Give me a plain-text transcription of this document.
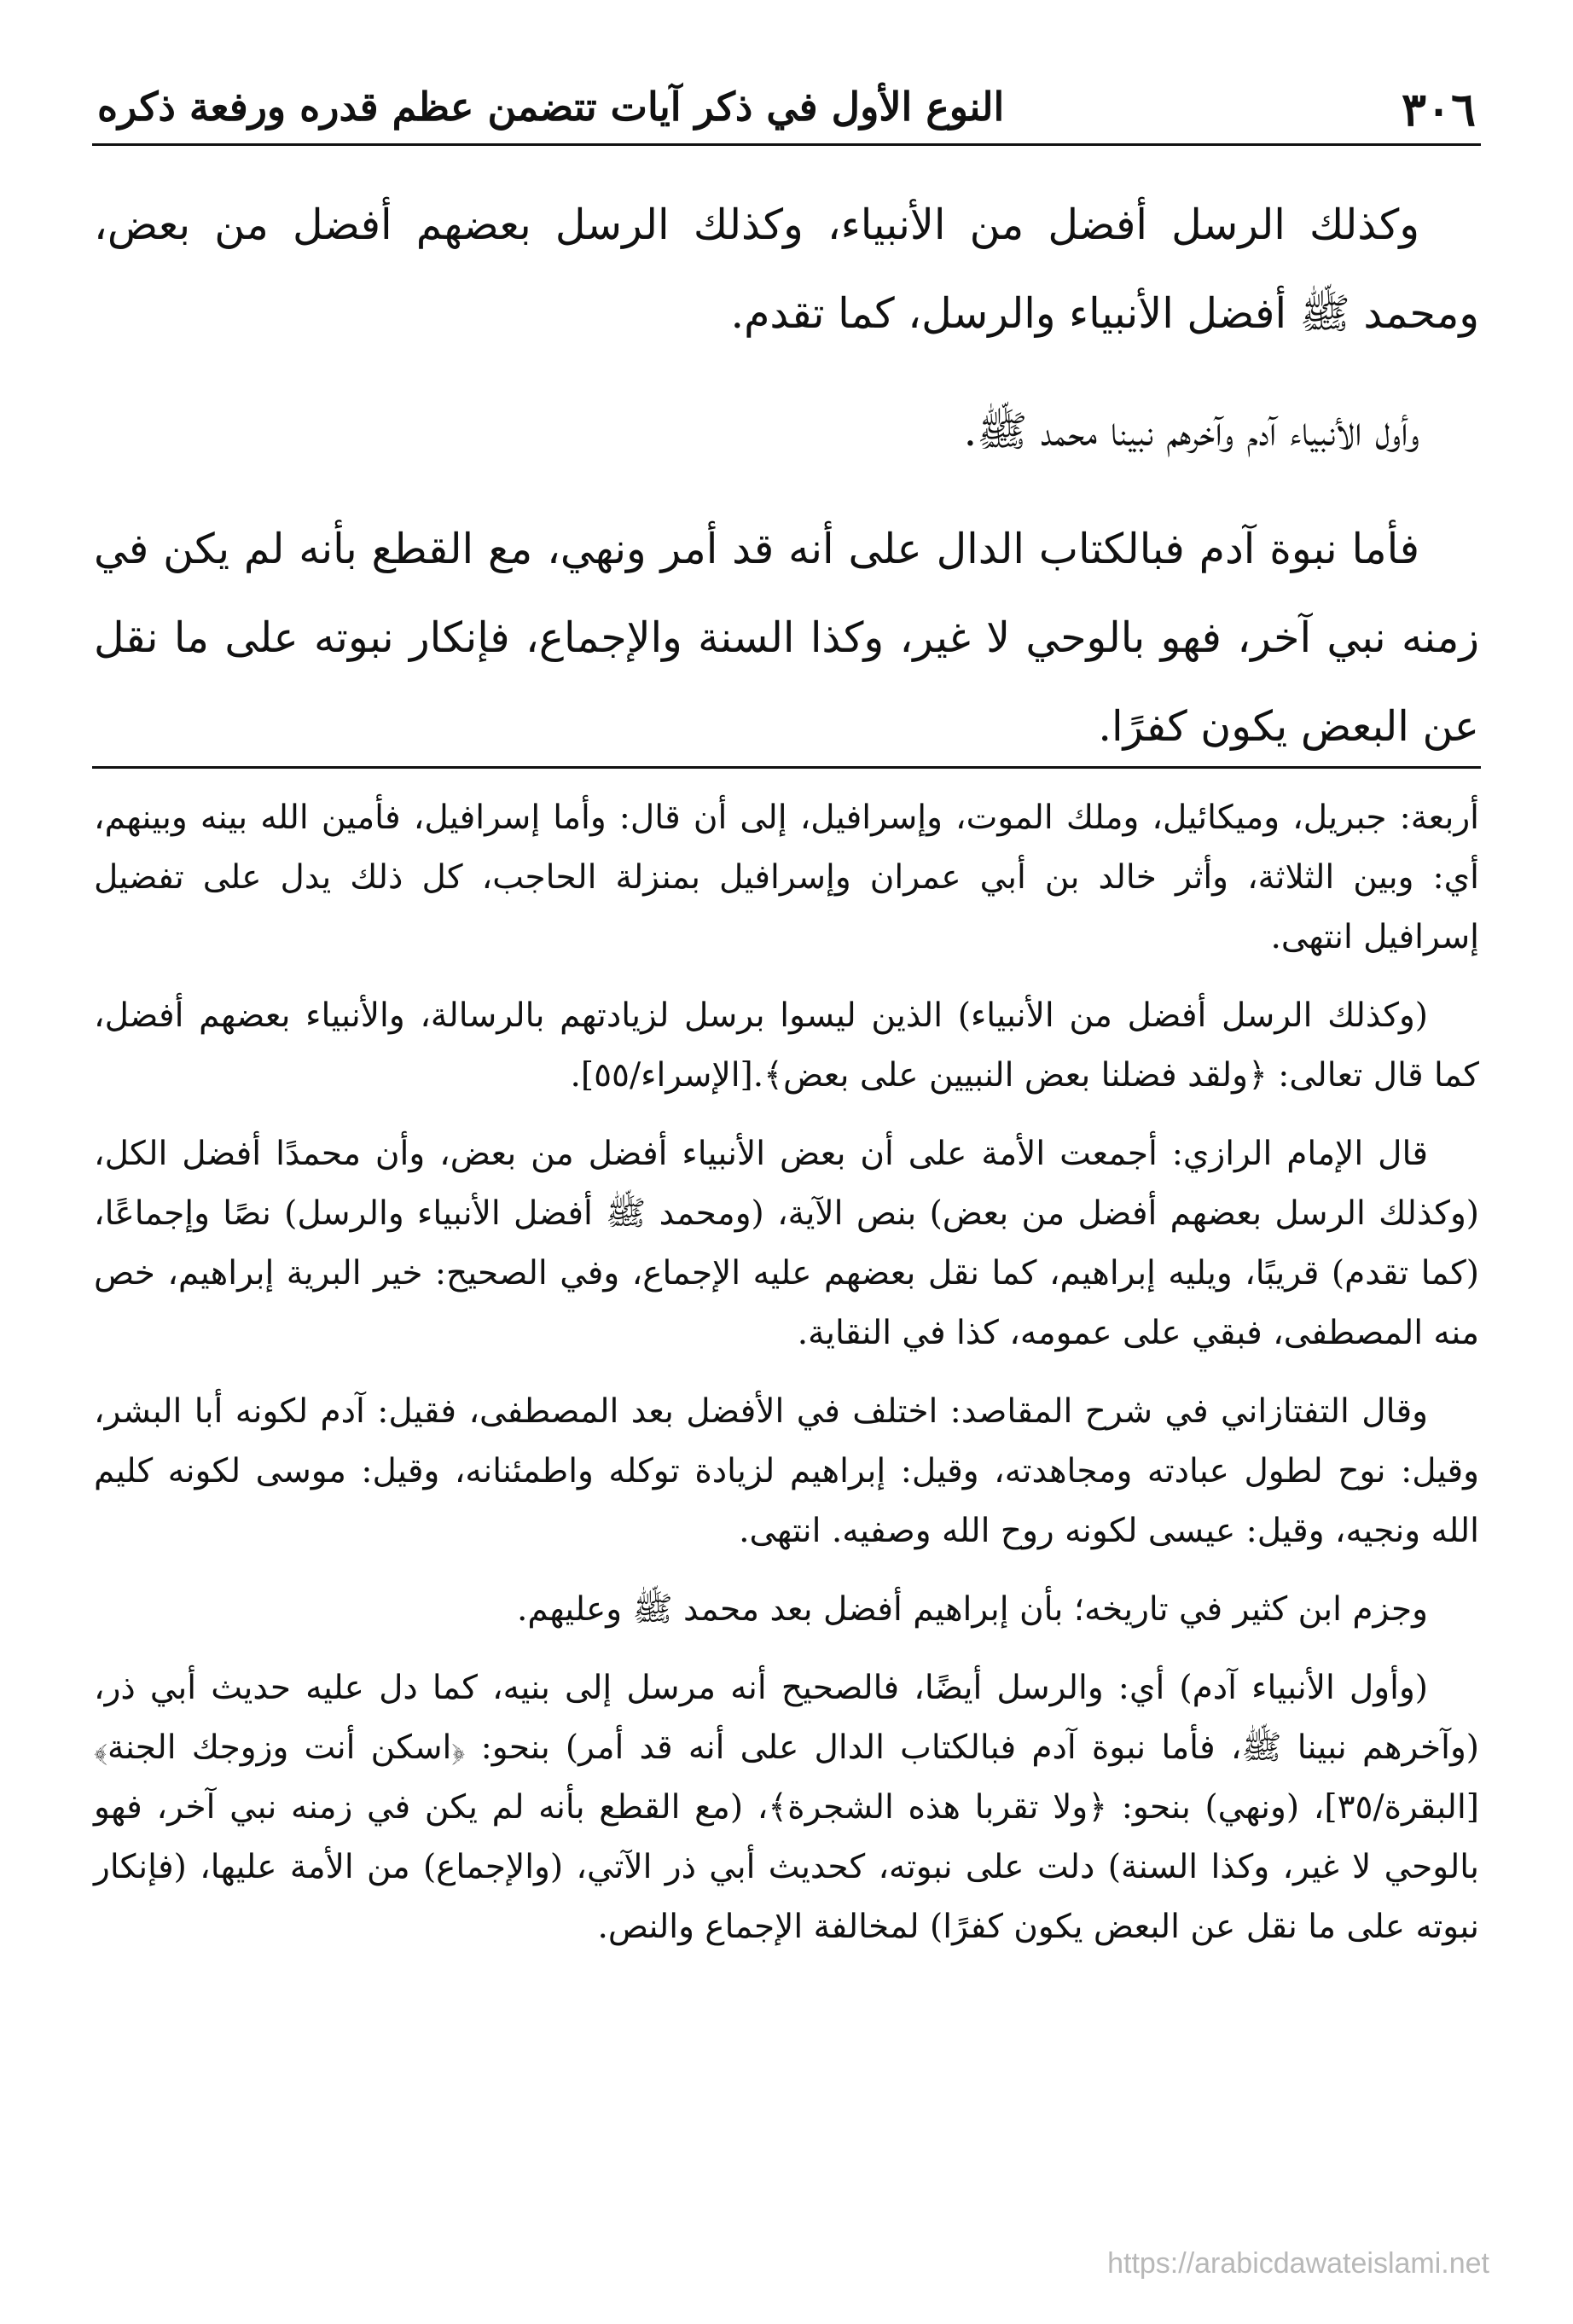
٣٠٦
النوع الأول في ذكر آيات تتضمن عظم قدره ورفعة ذكره

وكذلك الرسل أفضل من الأنبياء، وكذلك الرسل بعضهم أفضل من بعض، ومحمد ﷺ أفضل الأنبياء والرسل، كما تقدم.

وأول الأنبياء آدم وآخرهم نبينا محمد ﷺ.

فأما نبوة آدم فبالكتاب الدال على أنه قد أمر ونهي، مع القطع بأنه لم يكن في زمنه نبي آخر، فهو بالوحي لا غير، وكذا السنة والإجماع، فإنكار نبوته على ما نقل عن البعض يكون كفرًا.

أربعة: جبريل، وميكائيل، وملك الموت، وإسرافيل، إلى أن قال: وأما إسرافيل، فأمين الله بينه وبينهم، أي: وبين الثلاثة، وأثر خالد بن أبي عمران وإسرافيل بمنزلة الحاجب، كل ذلك يدل على تفضيل إسرافيل انتهى.

(وكذلك الرسل أفضل من الأنبياء) الذين ليسوا برسل لزيادتهم بالرسالة، والأنبياء بعضهم أفضل، كما قال تعالى: ﴿ولقد فضلنا بعض النبيين على بعض﴾.[الإسراء/٥٥].

قال الإمام الرازي: أجمعت الأمة على أن بعض الأنبياء أفضل من بعض، وأن محمدًا أفضل الكل، (وكذلك الرسل بعضهم أفضل من بعض) بنص الآية، (ومحمد ﷺ أفضل الأنبياء والرسل) نصًا وإجماعًا، (كما تقدم) قريبًا، ويليه إبراهيم، كما نقل بعضهم عليه الإجماع، وفي الصحيح: خير البرية إبراهيم، خص منه المصطفى، فبقي على عمومه، كذا في النقاية.

وقال التفتازاني في شرح المقاصد: اختلف في الأفضل بعد المصطفى، فقيل: آدم لكونه أبا البشر، وقيل: نوح لطول عبادته ومجاهدته، وقيل: إبراهيم لزيادة توكله واطمئنانه، وقيل: موسى لكونه كليم الله ونجيه، وقيل: عيسى لكونه روح الله وصفيه. انتهى.

وجزم ابن كثير في تاريخه؛ بأن إبراهيم أفضل بعد محمد ﷺ وعليهم.

(وأول الأنبياء آدم) أي: والرسل أيضًا، فالصحيح أنه مرسل إلى بنيه، كما دل عليه حديث أبي ذر، (وآخرهم نبينا ﷺ، فأما نبوة آدم فبالكتاب الدال على أنه قد أمر) بنحو: ﴿اسكن أنت وزوجك الجنة﴾ [البقرة/٣٥]، (ونهي) بنحو: ﴿ولا تقربا هذه الشجرة﴾، (مع القطع بأنه لم يكن في زمنه نبي آخر، فهو بالوحي لا غير، وكذا السنة) دلت على نبوته، كحديث أبي ذر الآتي، (والإجماع) من الأمة عليها، (فإنكار نبوته على ما نقل عن البعض يكون كفرًا) لمخالفة الإجماع والنص.

https://arabicdawateislami.net
